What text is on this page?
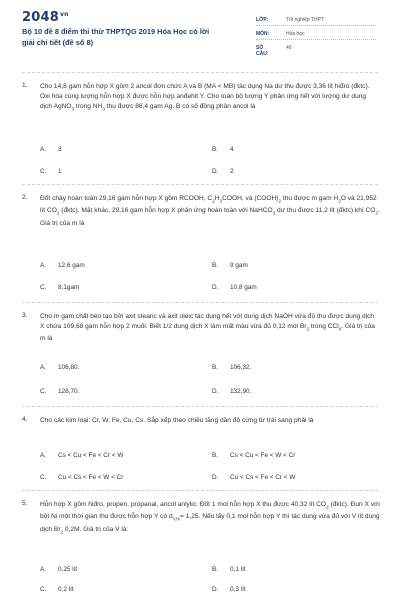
$2048^{vn}$
Bộ 10 đề 8 điểm thi thử THPTQG 2019 Hóa Học có lời giải chi tiết (đề số 8)
LỚP:	Tốt nghiệp THPT
MÔN:	Hóa học
SỐ CÂU:
40
1. Cho 14,8 gam hỗn hợp X gồm 2 ancol đơn chức A và B (MA < MB) tác dụng Na dư thu được 3,36 lít hiđro (đktc). Oxi hóa cùng lượng hỗn hợp X được hỗn hợp anđehit Y. Cho toàn bộ lượng Y phản ứng hết với lượng dư dung dịch AgNO$_3$ trong $NH_3$ thu được 86,4 gam Ag. B có số đồng phân ancol là
A. 3	B. 4
C. 1	D. 2
2. Đốt cháy hoàn toàn 29,16 gam hỗn hợp X gồm RCOOH, $C_2H_3COOH$, và $(COOH)_2$ thu được m gam $H_2O$ và 21,952 lít $CO_2$ (đktc). Mặt khác, 29,16 gam hỗn hợp X phản ứng hoàn toàn với NaHCO$_3$ dư thu được 11,2 lít (đktc) khí $CO_2$. Giá trị của m là
A. 12,6 gam	B. 9 gam
C. 8,1gam	D. 10,8 gam
3. Cho m gam chất béo tạo bởi axit stearic và axit oleic tác dụng hết với dung dịch NaOH vừa đủ thu được dung dịch X chứa 109,68 gam hỗn hợp 2 muối. Biết 1/2 dung dịch X làm mất màu vừa đủ 0,12 mol $Br_2$ trong CCl$_4$. Giá trị của m là
A. 106,80.	B. 106,32.
C. 128,70.	D. 132,90.
4. Cho các kim loại: Cr, W, Fe, Cu, Cs. Sắp xếp theo chiều tăng dần độ cứng từ trái sang phải là
A. Cs < Cu < Fe < Cr < W	B. Cs < Cu < Fe < W < Cr
C. Cu < Cs < Fe < W < Cr	D. Cu < Cs < Fe < Cr < W
5. Hỗn hợp X gồm hiđro, propen, propanal, ancol anlylic. Đốt 1 mol hỗn hợp X thu được 40,32 lít $CO_2$ (đktc). Đun X với bột Ni một thời gian thu được hỗn hợp Y có $d_{Y/X}= 1,25$. Nếu lấy 0,1 mol hỗn hợp Y thì tác dụng vừa đủ với V lít dung dịch $Br_2$ 0,2M. Giá trị của V là:
A. 0,25 lít	B. 0,1 lít
C. 0,2 lít	D. 0,3 lít
